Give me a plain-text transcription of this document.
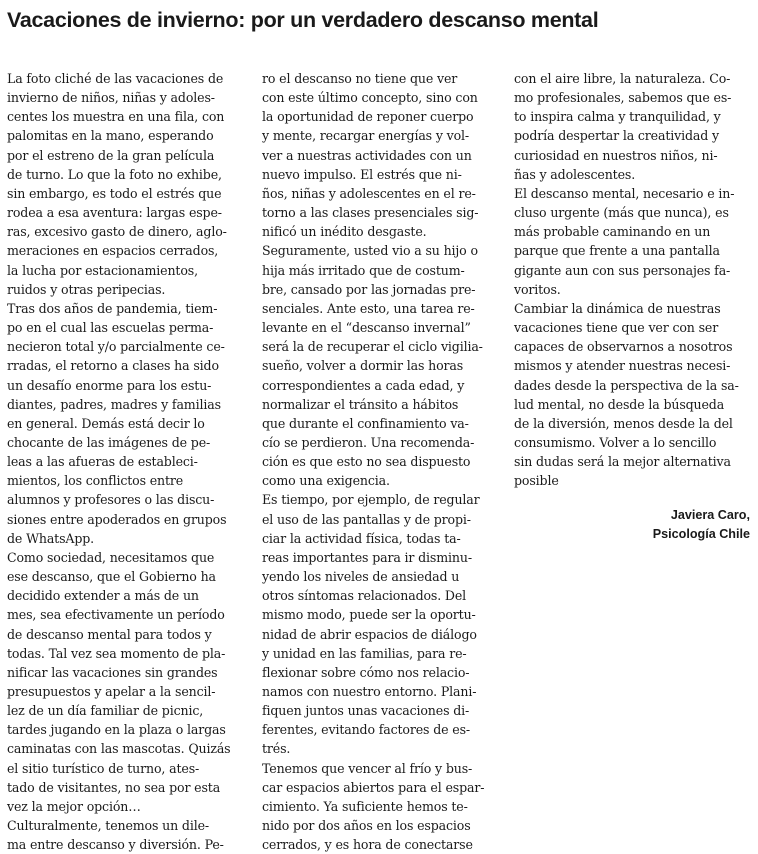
Vacaciones de invierno: por un verdadero descanso mental

La foto cliché de las vacaciones de

invierno de niños, niñas y adoles-

centes los muestra en una fila, con

palomitas en la mano, esperando

por el estreno de la gran película

de turno. Lo que la foto no exhibe,

sin embargo, es todo el estrés que

rodea a esa aventura: largas espe-

ras, excesivo gasto de dinero, aglo-

meraciones en espacios cerrados,

la lucha por estacionamientos,

ruidos y otras peripecias.

Tras dos años de pandemia, tiem-

po en el cual las escuelas perma-

necieron total y/o parcialmente ce-

rradas, el retorno a clases ha sido

un desafío enorme para los estu-

diantes, padres, madres y familias

en general. Demás está decir lo

chocante de las imágenes de pe-

leas a las afueras de estableci-

mientos, los conflictos entre

alumnos y profesores o las discu-

siones entre apoderados en grupos

de WhatsApp.

Como sociedad, necesitamos que

ese descanso, que el Gobierno ha

decidido extender a más de un

mes, sea efectivamente un período

de descanso mental para todos y

todas. Tal vez sea momento de pla-

nificar las vacaciones sin grandes

presupuestos y apelar a la sencil-

lez de un día familiar de picnic,

tardes jugando en la plaza o largas

caminatas con las mascotas. Quizás

el sitio turístico de turno, ates-

tado de visitantes, no sea por esta

vez la mejor opción…

Culturalmente, tenemos un dile-

ma entre descanso y diversión. Pe-

ro el descanso no tiene que ver

con este último concepto, sino con

la oportunidad de reponer cuerpo

y mente, recargar energías y vol-

ver a nuestras actividades con un

nuevo impulso. El estrés que ni-

ños, niñas y adolescentes en el re-

torno a las clases presenciales sig-

nificó un inédito desgaste.

Seguramente, usted vio a su hijo o

hija más irritado que de costum-

bre, cansado por las jornadas pre-

senciales. Ante esto, una tarea re-

levante en el “descanso invernal”

será la de recuperar el ciclo vigilia-

sueño, volver a dormir las horas

correspondientes a cada edad, y

normalizar el tránsito a hábitos

que durante el confinamiento va-

cío se perdieron. Una recomenda-

ción es que esto no sea dispuesto

como una exigencia.

Es tiempo, por ejemplo, de regular

el uso de las pantallas y de propi-

ciar la actividad física, todas ta-

reas importantes para ir disminu-

yendo los niveles de ansiedad u

otros síntomas relacionados. Del

mismo modo, puede ser la oportu-

nidad de abrir espacios de diálogo

y unidad en las familias, para re-

flexionar sobre cómo nos relacio-

namos con nuestro entorno. Plani-

fiquen juntos unas vacaciones di-

ferentes, evitando factores de es-

trés.

Tenemos que vencer al frío y bus-

car espacios abiertos para el espar-

cimiento. Ya suficiente hemos te-

nido por dos años en los espacios

cerrados, y es hora de conectarse

con el aire libre, la naturaleza. Co-

mo profesionales, sabemos que es-

to inspira calma y tranquilidad, y

podría despertar la creatividad y

curiosidad en nuestros niños, ni-

ñas y adolescentes.

El descanso mental, necesario e in-

cluso urgente (más que nunca), es

más probable caminando en un

parque que frente a una pantalla

gigante aun con sus personajes fa-

voritos.

Cambiar la dinámica de nuestras

vacaciones tiene que ver con ser

capaces de observarnos a nosotros

mismos y atender nuestras necesi-

dades desde la perspectiva de la sa-

lud mental, no desde la búsqueda

de la diversión, menos desde la del

consumismo. Volver a lo sencillo

sin dudas será la mejor alternativa

posible

Javiera Caro,
Psicología Chile
